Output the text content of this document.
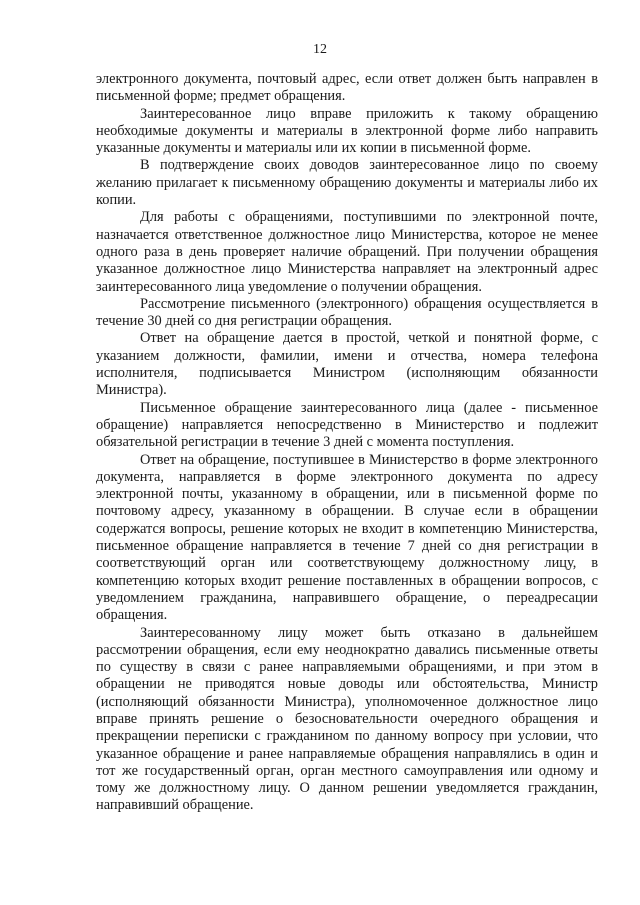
12

электронного документа, почтовый адрес, если ответ должен быть направлен в письменной форме; предмет обращения.

Заинтересованное лицо вправе приложить к такому обращению необходимые документы и материалы в электронной форме либо направить указанные документы и материалы или их копии в письменной форме.

В подтверждение своих доводов заинтересованное лицо по своему желанию прилагает к письменному обращению документы и материалы либо их копии.

Для работы с обращениями, поступившими по электронной почте, назначается ответственное должностное лицо Министерства, которое не менее одного раза в день проверяет наличие обращений. При получении обращения указанное должностное лицо Министерства направляет на электронный адрес заинтересованного лица уведомление о получении обращения.

Рассмотрение письменного (электронного) обращения осуществляется в течение 30 дней со дня регистрации обращения.

Ответ на обращение дается в простой, четкой и понятной форме, с указанием должности, фамилии, имени и отчества, номера телефона исполнителя, подписывается Министром (исполняющим обязанности Министра).

Письменное обращение заинтересованного лица (далее - письменное обращение) направляется непосредственно в Министерство и подлежит обязательной регистрации в течение 3 дней с момента поступления.

Ответ на обращение, поступившее в Министерство в форме электронного документа, направляется в форме электронного документа по адресу электронной почты, указанному в обращении, или в письменной форме по почтовому адресу, указанному в обращении. В случае если в обращении содержатся вопросы, решение которых не входит в компетенцию Министерства, письменное обращение направляется в течение 7 дней со дня регистрации в соответствующий орган или соответствующему должностному лицу, в компетенцию которых входит решение поставленных в обращении вопросов, с уведомлением гражданина, направившего обращение, о переадресации обращения.

Заинтересованному лицу может быть отказано в дальнейшем рассмотрении обращения, если ему неоднократно давались письменные ответы по существу в связи с ранее направляемыми обращениями, и при этом в обращении не приводятся новые доводы или обстоятельства, Министр (исполняющий обязанности Министра), уполномоченное должностное лицо вправе принять решение о безосновательности очередного обращения и прекращении переписки с гражданином по данному вопросу при условии, что указанное обращение и ранее направляемые обращения направлялись в один и тот же государственный орган, орган местного самоуправления или одному и тому же должностному лицу. О данном решении уведомляется гражданин, направивший обращение.
